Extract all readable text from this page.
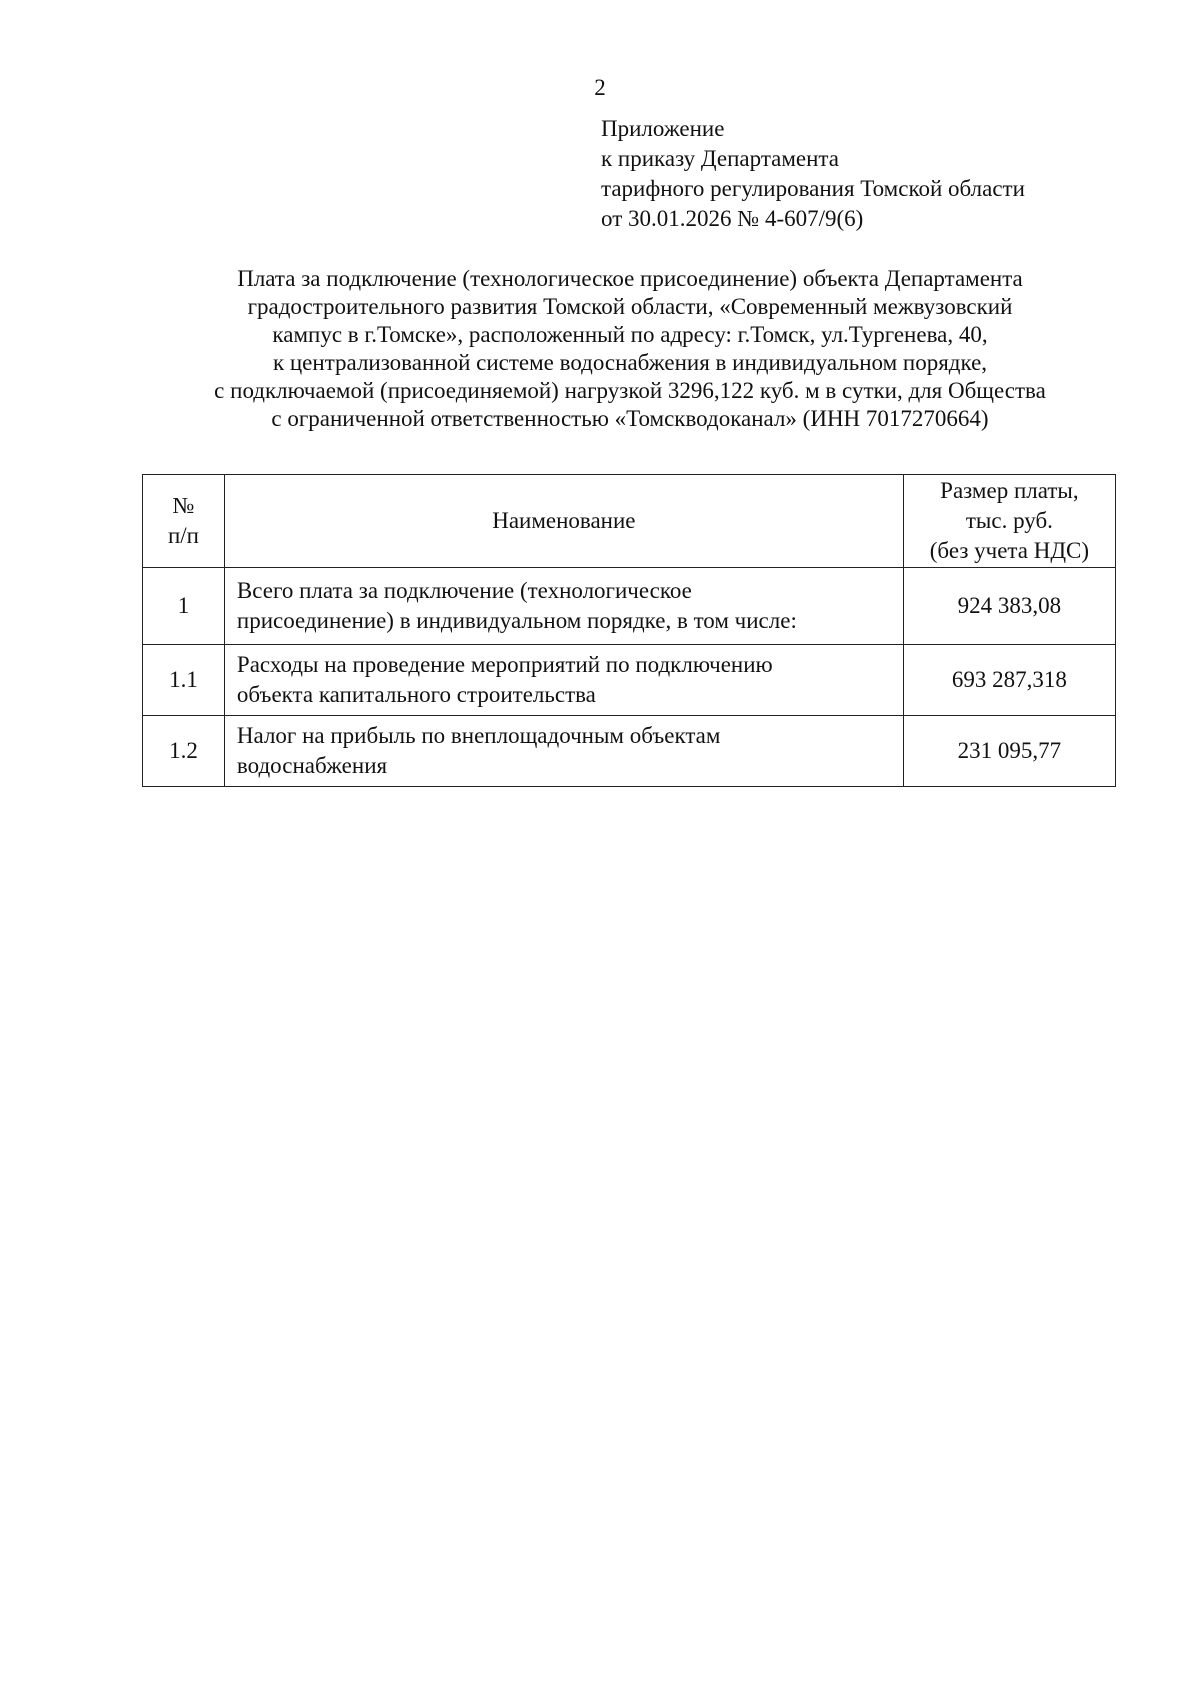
2
Приложение
к приказу Департамента
тарифного регулирования Томской области
от 30.01.2026 № 4-607/9(6)
Плата за подключение (технологическое присоединение) объекта Департамента
градостроительного развития Томской области, «Современный межвузовский
кампус в г.Томске», расположенный по адресу: г.Томск, ул.Тургенева, 40,
к централизованной системе водоснабжения в индивидуальном порядке,
с подключаемой (присоединяемой) нагрузкой 3296,122 куб. м в сутки, для Общества
с ограниченной ответственностью «Томскводоканал» (ИНН 7017270664)
№
п/п	Наименование	Размер платы,
тыс. руб.
(без учета НДС)

1	Всего плата за подключение (технологическое
присоединение) в индивидуальном порядке, в том числе:	924 383,08
1.1	Расходы на проведение мероприятий по подключению
объекта капитального строительства	693 287,318
1.2	Налог на прибыль по внеплощадочным объектам
водоснабжения	231 095,77
